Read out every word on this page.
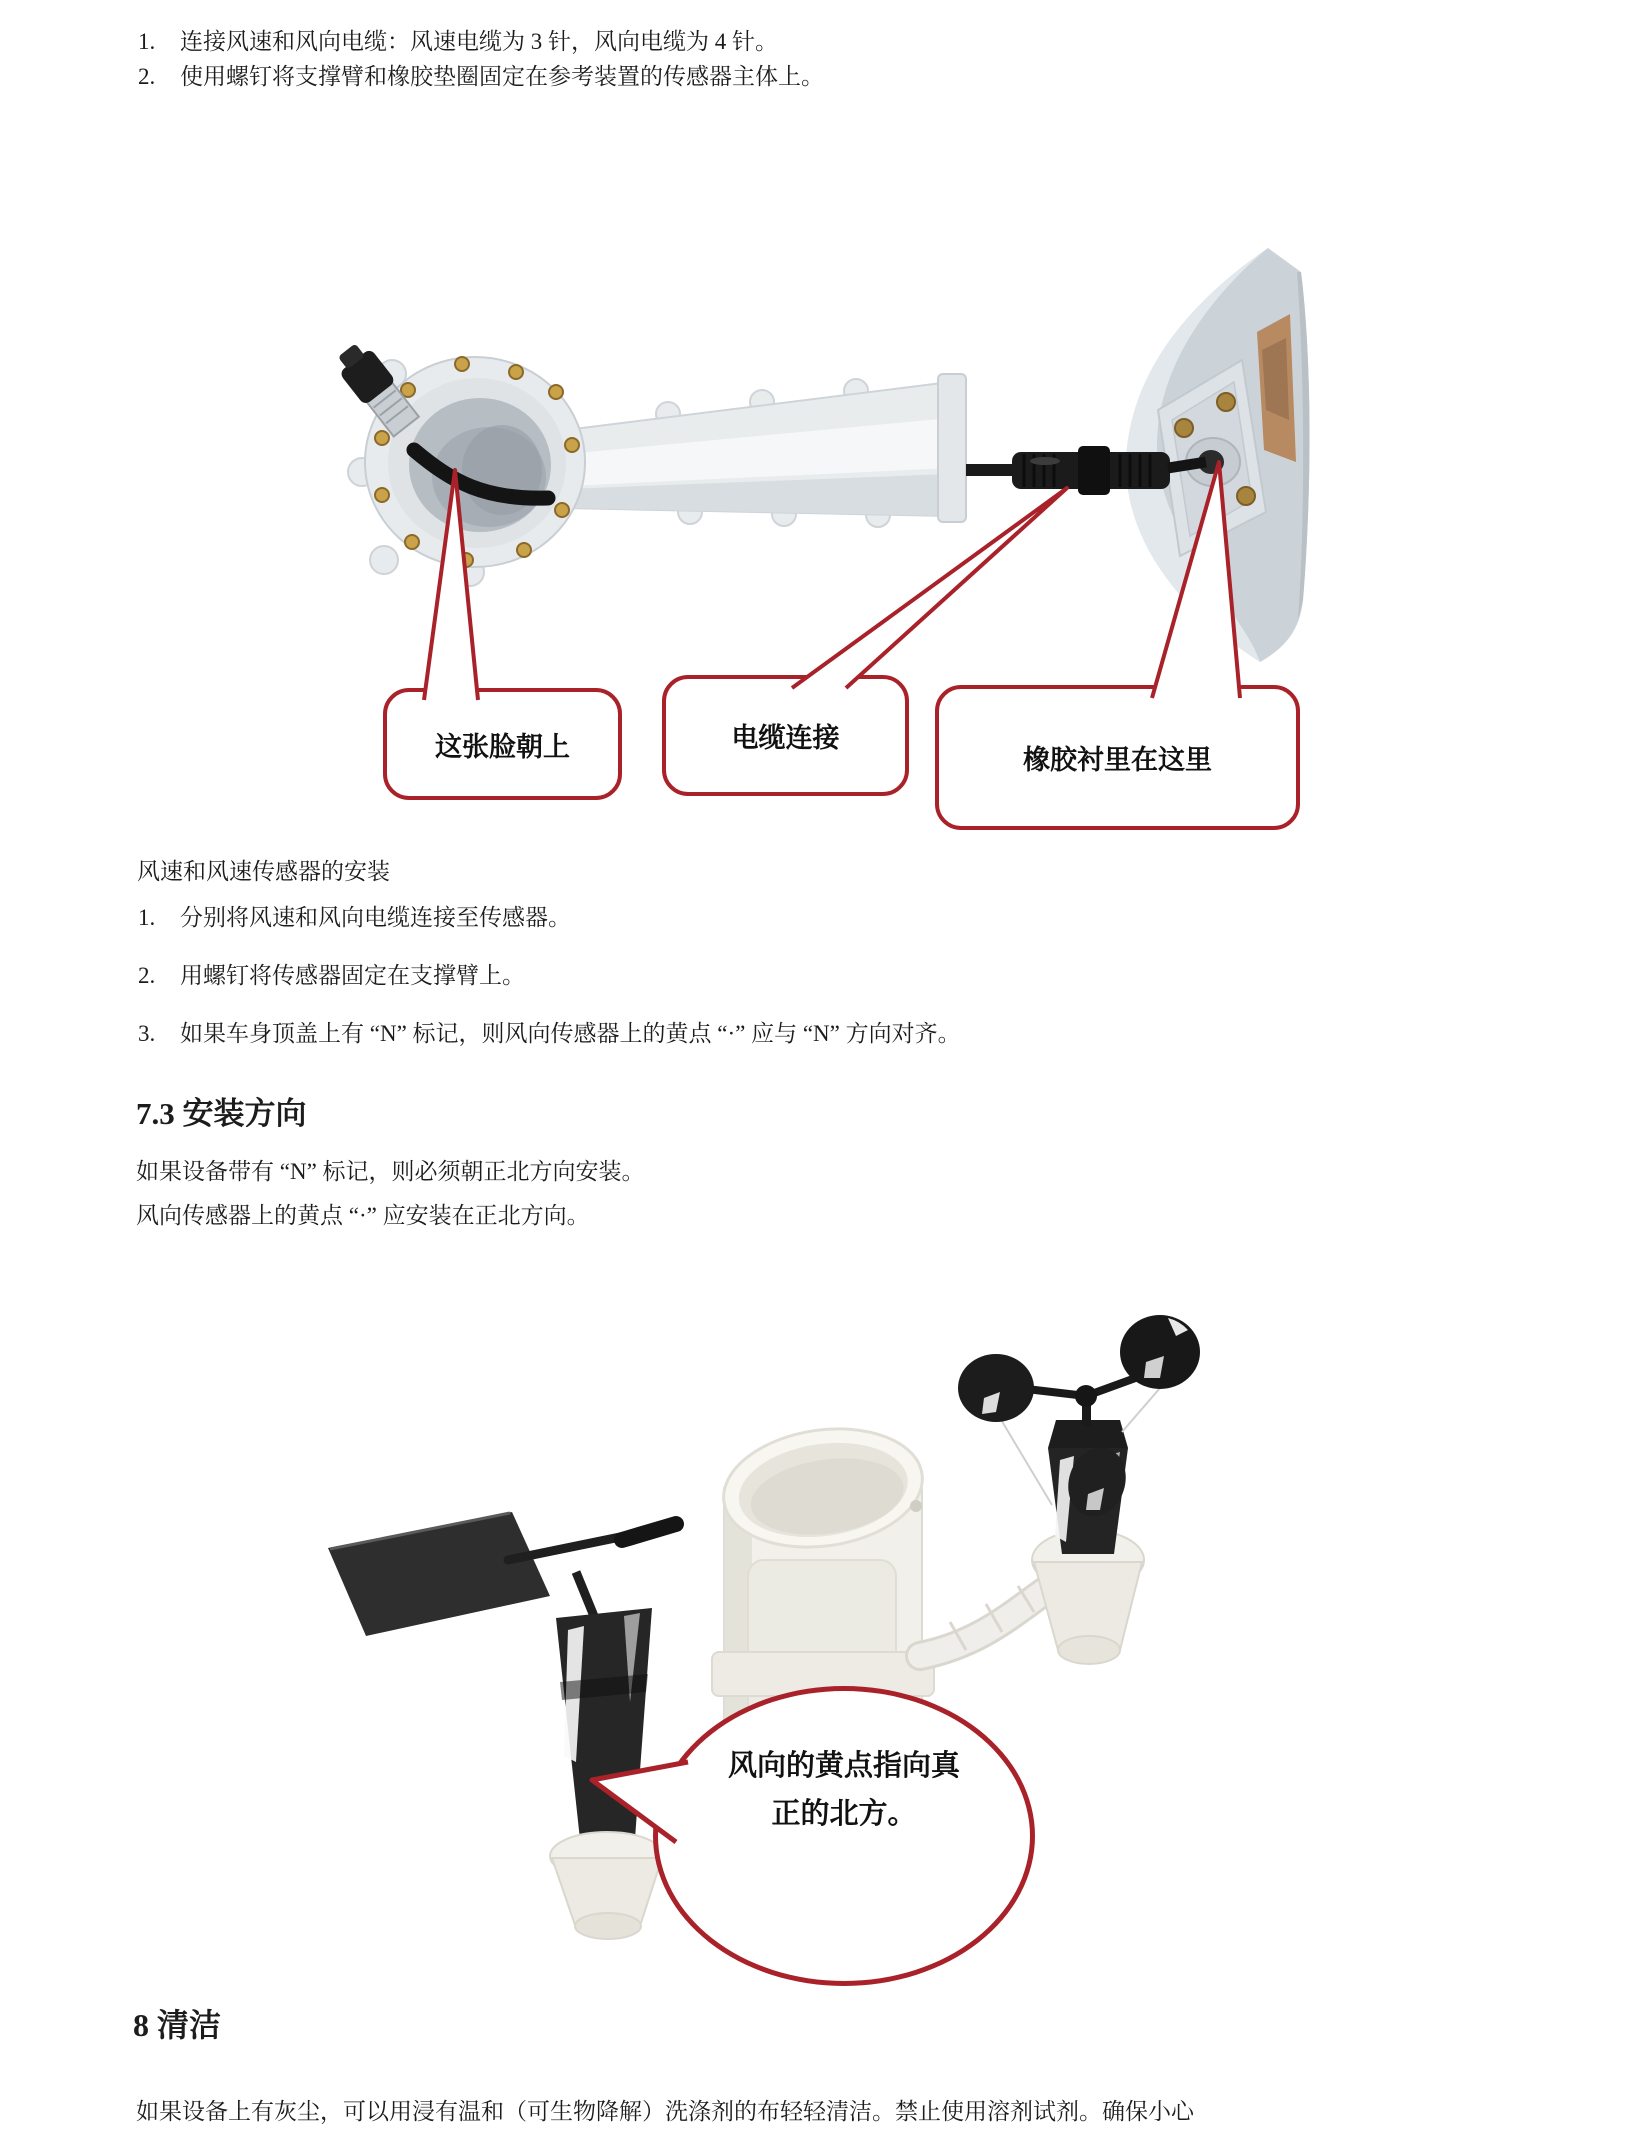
1.	连接风速和风向电缆：风速电缆为 3 针，风向电缆为 4 针。
2.	使用螺钉将支撑臂和橡胶垫圈固定在参考装置的传感器主体上。
这张脸朝上	电缆连接
橡胶衬里在这里
风速和风速传感器的安装
1.	分别将风速和风向电缆连接至传感器。
2.	用螺钉将传感器固定在支撑臂上。
3.	如果车身顶盖上有 “N” 标记，则风向传感器上的黄点 “·” 应与 “N” 方向对齐。
7.3 安装方向
如果设备带有 “N” 标记，则必须朝正北方向安装。
风向传感器上的黄点 “·” 应安装在正北方向。
风向的黄点指向真
正的北方。
8 清洁
如果设备上有灰尘，可以用浸有温和（可生物降解）洗涤剂的布轻轻清洁。禁止使用溶剂试剂。确保小心
